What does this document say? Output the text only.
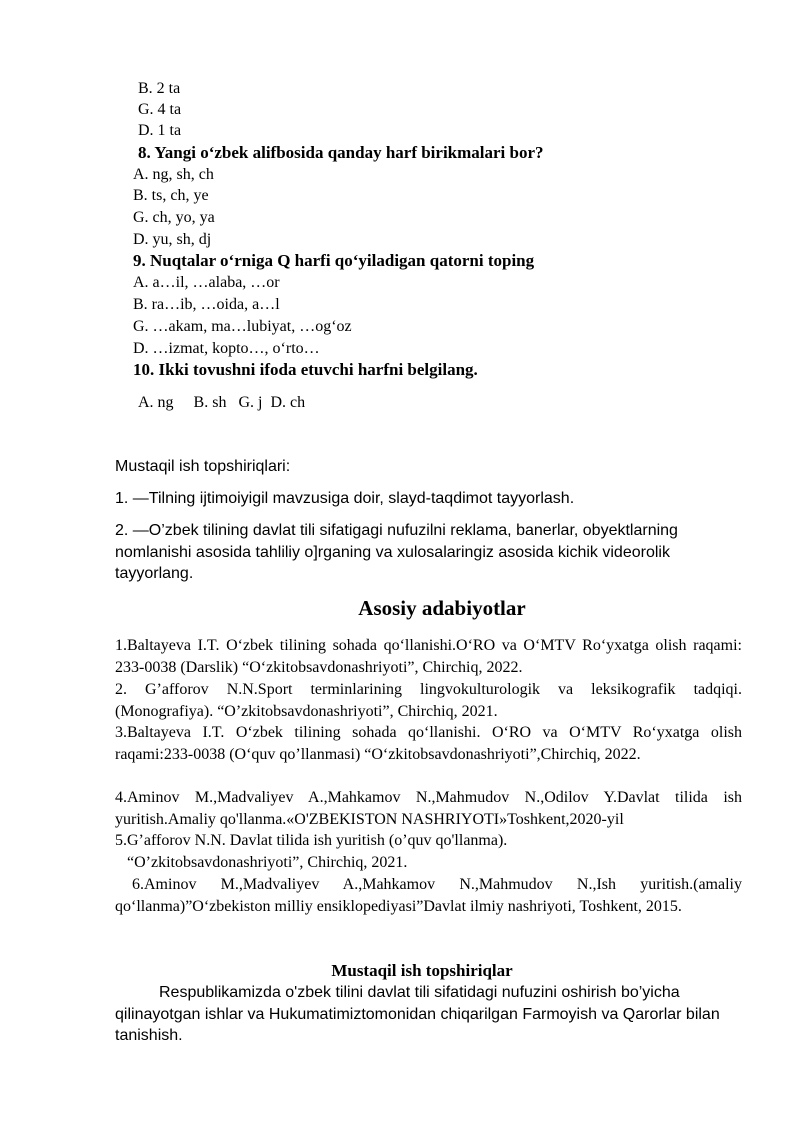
B. 2 ta
G. 4 ta
D. 1 ta
8. Yangi o‘zbek alifbosida qanday harf birikmalari bor?
A. ng, sh, ch
B. ts, ch, ye
G. ch, yo, ya
D. yu, sh, dj
9. Nuqtalar o‘rniga Q harfi qo‘yiladigan qatorni toping
A. a…il, …alaba, …or
B. ra…ib, …oida, a…l
G. …akam, ma…lubiyat, …og‘oz
D. …izmat, kopto…, o‘rto…
10. Ikki tovushni ifoda etuvchi harfni belgilang.
A. ng     B. sh   G. j  D. ch
Mustaqil ish topshiriqlari:
1. ―Tilning ijtimoiyigil mavzusiga doir, slayd-taqdimot tayyorlash.
2. ―O’zbek tilining davlat tili sifatigagi nufuzilni reklama, banerlar, obyektlarning nomlanishi asosida tahliliy o]rganing va xulosalaringiz asosida kichik videorolik tayyorlang.
Asosiy adabiyotlar
1.Baltayeva I.T. O‘zbek tilining sohada qo‘llanishi.O‘RO va O‘MTV Ro‘yxatga olish raqami: 233-0038 (Darslik) “O‘zkitobsavdonashriyoti”, Chirchiq, 2022.
2. G’afforov N.N.Sport terminlarining lingvokulturologik va leksikografik tadqiqi. (Monografiya). “O’zkitobsavdonashriyoti”, Chirchiq, 2021.
3.Baltayeva I.T. O‘zbek tilining sohada qo‘llanishi. O‘RO va O‘MTV Ro‘yxatga olish raqami:233-0038 (O‘quv qo’llanmasi) “O‘zkitobsavdonashriyoti”,Chirchiq, 2022.
4.Aminov M.,Madvaliyev A.,Mahkamov N.,Mahmudov N.,Odilov Y.Davlat tilida ish yuritish.Amaliy qo'llanma.«O'ZBEKISTON NASHRIYOTI»Toshkent,2020-yil
5.G’afforov N.N. Davlat tilida ish yuritish (o’quv qo'llanma).
“O’zkitobsavdonashriyoti”, Chirchiq, 2021.
6.Aminov M.,Madvaliyev A.,Mahkamov N.,Mahmudov N.,Ish yuritish.(amaliy qo‘llanma)”O‘zbekiston milliy ensiklopediyasi”Davlat ilmiy nashriyoti, Toshkent, 2015.
Mustaqil ish topshiriqlar
Respublikamizda o'zbek tilini davlat tili sifatidagi nufuzini oshirish bo’yicha qilinayotgan ishlar va Hukumatimiztomonidan chiqarilgan Farmoyish va Qarorlar bilan tanishish.
